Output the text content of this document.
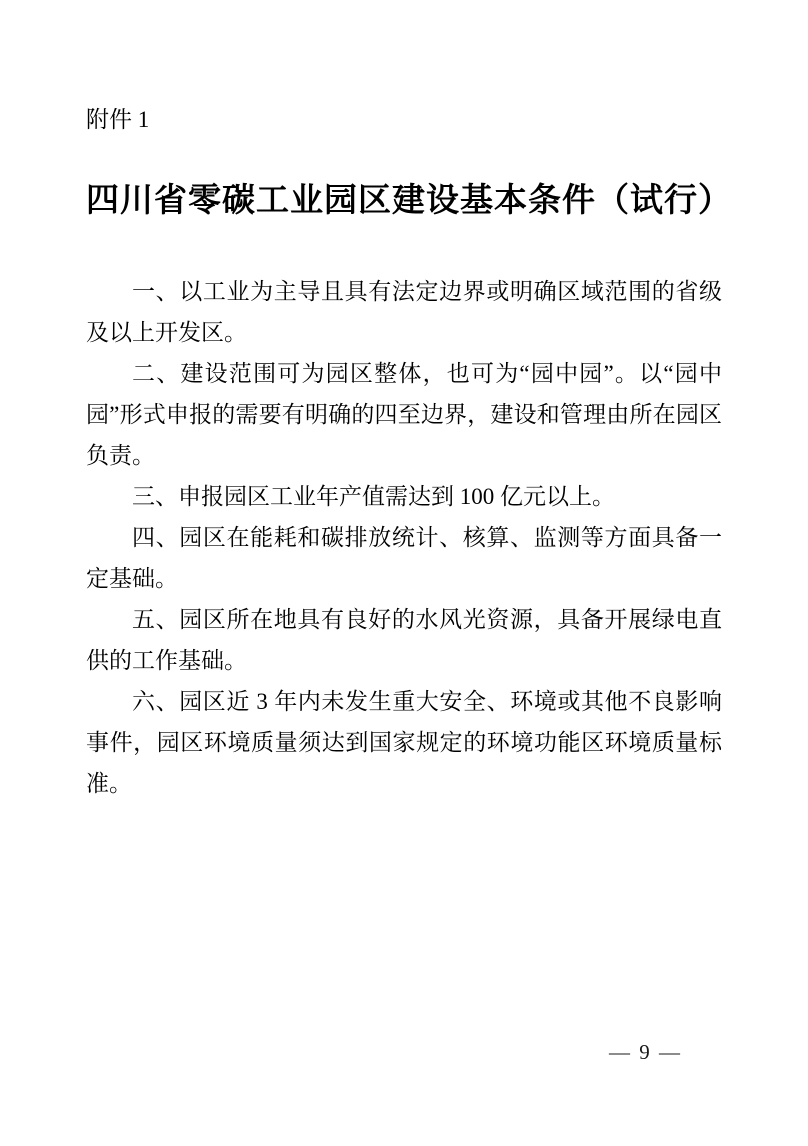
附件 1
四川省零碳工业园区建设基本条件（试行）

一、以工业为主导且具有法定边界或明确区域范围的省级及以上开发区。

二、建设范围可为园区整体，也可为“园中园”。以“园中园”形式申报的需要有明确的四至边界，建设和管理由所在园区负责。

三、申报园区工业年产值需达到 100 亿元以上。

四、园区在能耗和碳排放统计、核算、监测等方面具备一定基础。

五、园区所在地具有良好的水风光资源，具备开展绿电直供的工作基础。

六、园区近 3 年内未发生重大安全、环境或其他不良影响事件，园区环境质量须达到国家规定的环境功能区环境质量标准。

— 9 —
